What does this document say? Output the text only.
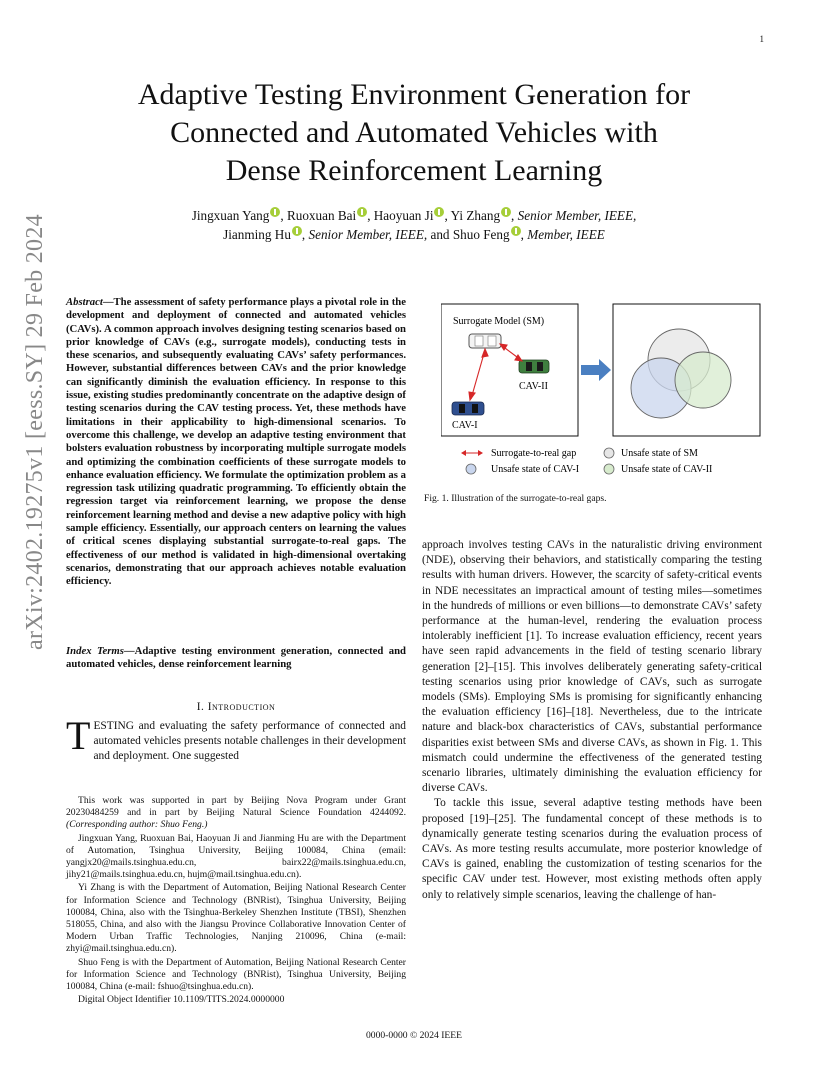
1
arXiv:2402.19275v1 [eess.SY] 29 Feb 2024
Adaptive Testing Environment Generation for
Connected and Automated Vehicles with
Dense Reinforcement Learning
Jingxuan Yang , Ruoxuan Bai , Haoyuan Ji , Yi Zhang , Senior Member, IEEE,
Jianming Hu , Senior Member, IEEE, and Shuo Feng , Member, IEEE
Abstract—The assessment of safety performance plays a pivotal role in the development and deployment of connected and automated vehicles (CAVs). A common approach involves designing testing scenarios based on prior knowledge of CAVs (e.g., surrogate models), conducting tests in these scenarios, and subsequently evaluating CAVs’ safety performances. However, substantial differences between CAVs and the prior knowledge can significantly diminish the evaluation efficiency. In response to this issue, existing studies predominantly concentrate on the adaptive design of testing scenarios during the CAV testing process. Yet, these methods have limitations in their applicability to high-dimensional scenarios. To overcome this challenge, we develop an adaptive testing environment that bolsters evaluation robustness by incorporating multiple surrogate models and optimizing the combination coefficients of these surrogate models to enhance evaluation efficiency. We formulate the optimization problem as a regression task utilizing quadratic programming. To efficiently obtain the regression target via reinforcement learning, we propose the dense reinforcement learning method and devise a new adaptive policy with high sample efficiency. Essentially, our approach centers on learning the values of critical scenes displaying substantial surrogate-to-real gaps. The effectiveness of our method is validated in high-dimensional overtaking scenarios, demonstrating that our approach achieves notable evaluation efficiency.
Index Terms—Adaptive testing environment generation, connected and automated vehicles, dense reinforcement learning
I. Introduction
TESTING and evaluating the safety performance of connected and automated vehicles presents notable challenges in their development and deployment. One suggested

This work was supported in part by Beijing Nova Program under Grant 20230484259 and in part by Beijing Natural Science Foundation 4244092. (Corresponding author: Shuo Feng.)

Jingxuan Yang, Ruoxuan Bai, Haoyuan Ji and Jianming Hu are with the Department of Automation, Tsinghua University, Beijing 100084, China (email: yangjx20@mails.tsinghua.edu.cn, bairx22@mails.tsinghua.edu.cn, jihy21@mails.tsinghua.edu.cn, hujm@mail.tsinghua.edu.cn).

Yi Zhang is with the Department of Automation, Beijing National Research Center for Information Science and Technology (BNRist), Tsinghua University, Beijing 100084, China, also with the Tsinghua-Berkeley Shenzhen Institute (TBSI), Shenzhen 518055, China, and also with the Jiangsu Province Collaborative Innovation Center of Modern Urban Traffic Technologies, Nanjing 210096, China (e-mail: zhyi@mail.tsinghua.edu.cn).

Shuo Feng is with the Department of Automation, Beijing National Research Center for Information Science and Technology (BNRist), Tsinghua University, Beijing 100084, China (e-mail: fshuo@tsinghua.edu.cn).

Digital Object Identifier 10.1109/TITS.2024.0000000

Surrogate Model (SM)
CAV-II
CAV-I
Surrogate-to-real gap	Unsafe state of SM
Unsafe state of CAV-I	Unsafe state of CAV-II
Fig. 1. Illustration of the surrogate-to-real gaps.

approach involves testing CAVs in the naturalistic driving environment (NDE), observing their behaviors, and statistically comparing the testing results with human drivers. However, the scarcity of safety-critical events in NDE necessitates an impractical amount of testing miles—sometimes in the hundreds of millions or even billions—to demonstrate CAVs’ safety performance at the human-level, rendering the evaluation process intolerably inefficient [1]. To increase evaluation efficiency, recent years have seen rapid advancements in the field of testing scenario library generation [2]–[15]. This involves deliberately generating safety-critical testing scenarios using prior knowledge of CAVs, such as surrogate models (SMs). Employing SMs is promising for significantly enhancing the evaluation efficiency [16]–[18]. Nevertheless, due to the intricate nature and black-box characteristics of CAVs, substantial performance disparities exist between SMs and diverse CAVs, as shown in Fig. 1. This mismatch could undermine the effectiveness of the generated testing scenario libraries, ultimately diminishing the evaluation efficiency for diverse CAVs.

To tackle this issue, several adaptive testing methods have been proposed [19]–[25]. The fundamental concept of these methods is to dynamically generate testing scenarios during the evaluation process of CAVs. As more testing results accumulate, more posterior knowledge of CAVs is gained, enabling the customization of testing scenarios for the specific CAV under test. However, most existing methods often apply only to relatively simple scenarios, leaving the challenge of han-

0000-0000 © 2024 IEEE
